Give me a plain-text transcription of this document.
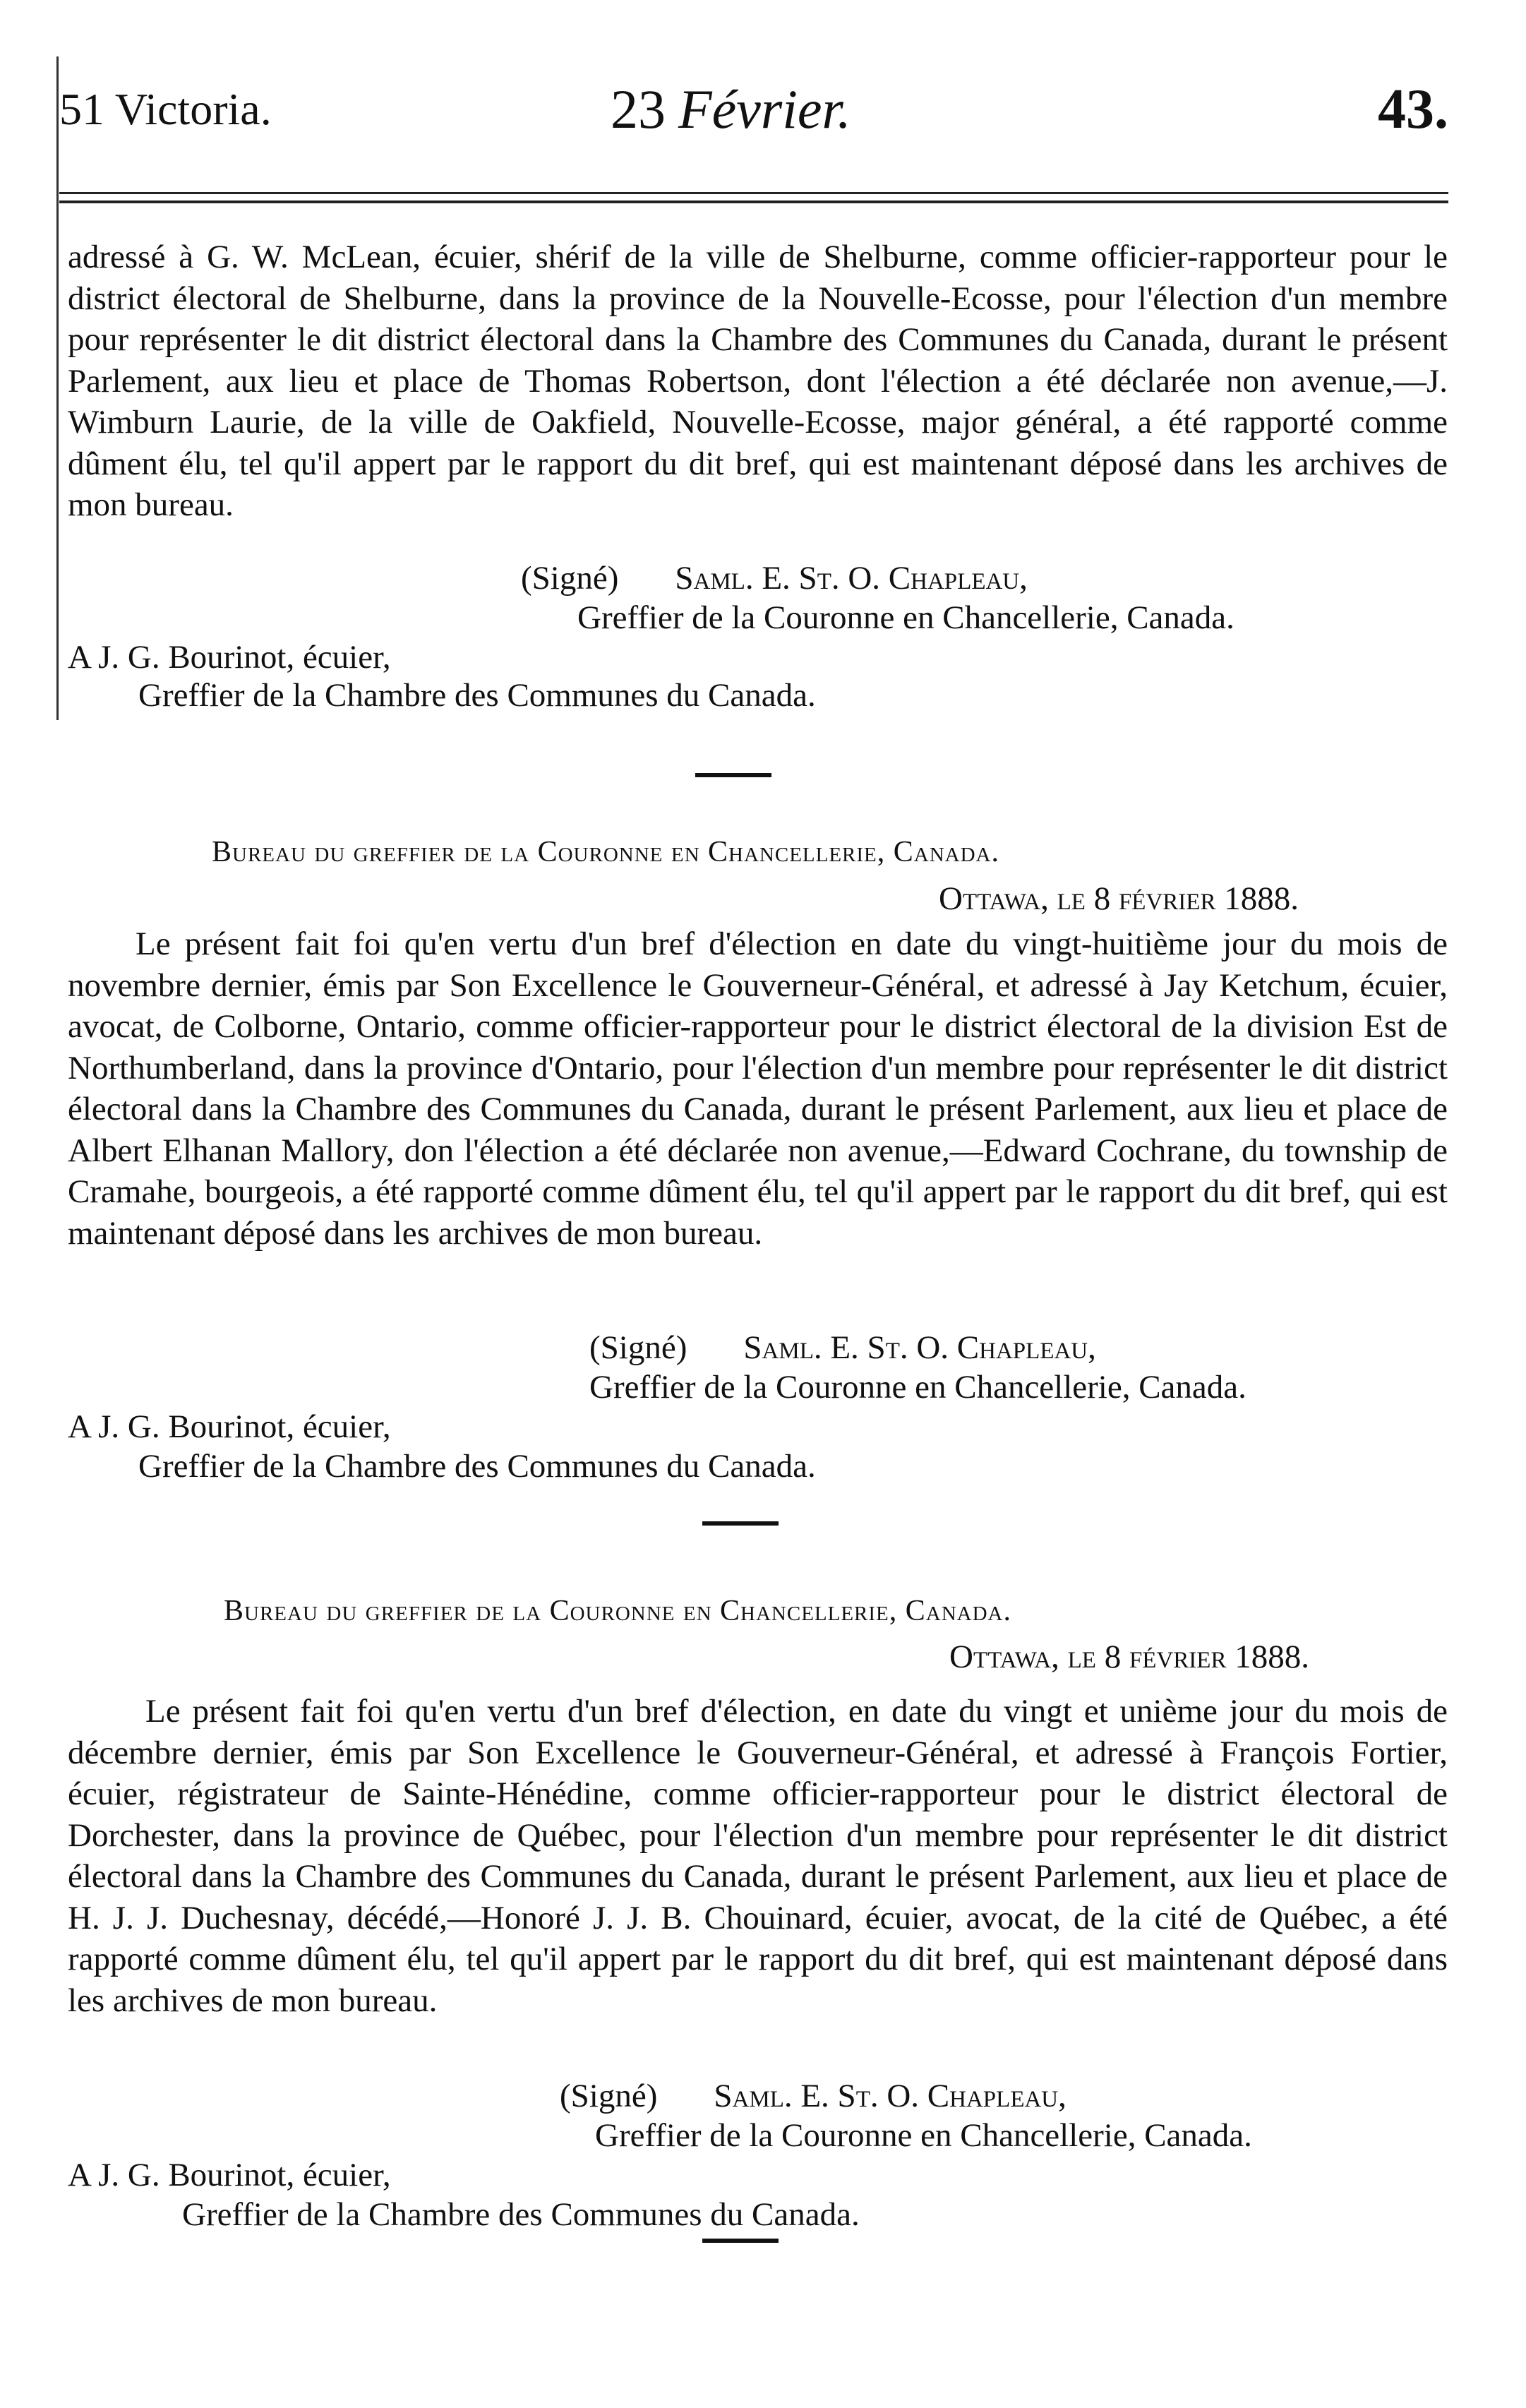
51 Victoria.	23 Février.	43.

adressé à G. W. McLean, écuier, shérif de la ville de Shelburne, comme officier-rapporteur pour le district électoral de Shelburne, dans la province de la Nouvelle-Ecosse, pour l'élection d'un membre pour représenter le dit district électoral dans la Chambre des Communes du Canada, durant le présent Parlement, aux lieu et place de Thomas Robertson, dont l'élection a été déclarée non avenue,—J. Wimburn Laurie, de la ville de Oakfield, Nouvelle-Ecosse, major général, a été rapporté comme dûment élu, tel qu'il appert par le rapport du dit bref, qui est maintenant déposé dans les archives de mon bureau.

(Signé) Saml. E. St. O. Chapleau,
Greffier de la Couronne en Chancellerie, Canada.
A J. G. Bourinot, écuier,
Greffier de la Chambre des Communes du Canada.
Bureau du greffier de la Couronne en Chancellerie, Canada.
Ottawa, le 8 février 1888.

Le présent fait foi qu'en vertu d'un bref d'élection en date du vingt-huitième jour du mois de novembre dernier, émis par Son Excellence le Gouverneur-Général, et adressé à Jay Ketchum, écuier, avocat, de Colborne, Ontario, comme officier-rapporteur pour le district électoral de la division Est de Northumberland, dans la province d'Ontario, pour l'élection d'un membre pour représenter le dit district électoral dans la Chambre des Communes du Canada, durant le présent Parlement, aux lieu et place de Albert Elhanan Mallory, don l'élection a été déclarée non avenue,—Edward Cochrane, du township de Cramahe, bourgeois, a été rapporté comme dûment élu, tel qu'il appert par le rapport du dit bref, qui est maintenant déposé dans les archives de mon bureau.

(Signé) Saml. E. St. O. Chapleau,
Greffier de la Couronne en Chancellerie, Canada.
A J. G. Bourinot, écuier,
Greffier de la Chambre des Communes du Canada.
Bureau du greffier de la Couronne en Chancellerie, Canada.
Ottawa, le 8 février 1888.

Le présent fait foi qu'en vertu d'un bref d'élection, en date du vingt et unième jour du mois de décembre dernier, émis par Son Excellence le Gouverneur-Général, et adressé à François Fortier, écuier, régistrateur de Sainte-Hénédine, comme officier-rapporteur pour le district électoral de Dorchester, dans la province de Québec, pour l'élection d'un membre pour représenter le dit district électoral dans la Chambre des Communes du Canada, durant le présent Parlement, aux lieu et place de H. J. J. Duchesnay, décédé,—Honoré J. J. B. Chouinard, écuier, avocat, de la cité de Québec, a été rapporté comme dûment élu, tel qu'il appert par le rapport du dit bref, qui est maintenant déposé dans les archives de mon bureau.

(Signé) Saml. E. St. O. Chapleau,
Greffier de la Couronne en Chancellerie, Canada.
A J. G. Bourinot, écuier,
Greffier de la Chambre des Communes du Canada.
